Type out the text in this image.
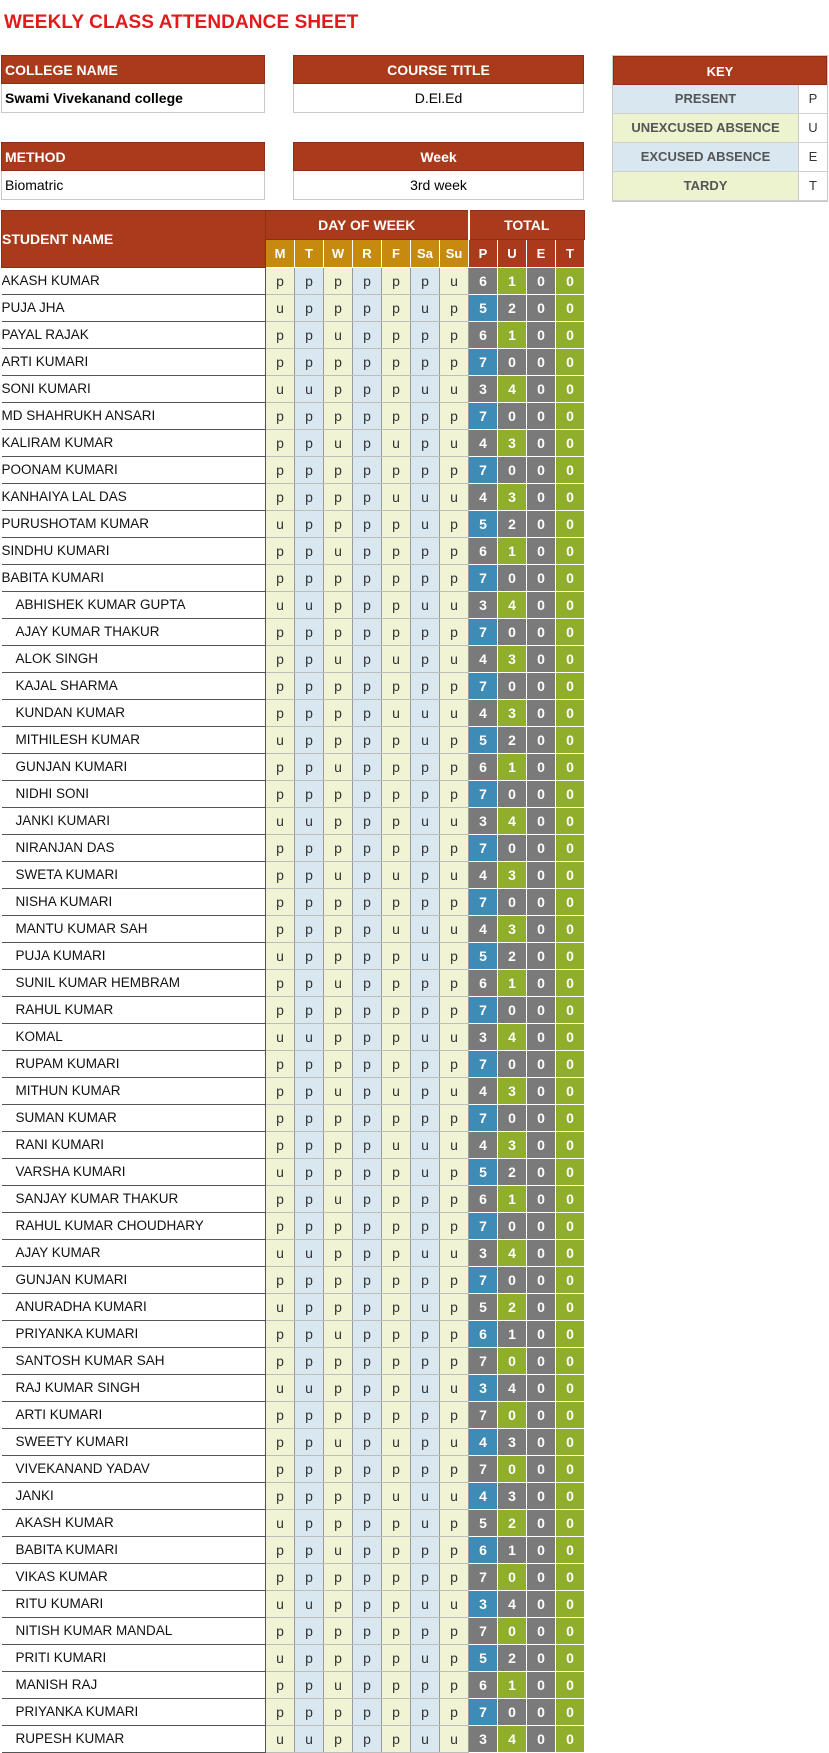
WEEKLY CLASS ATTENDANCE SHEET
COLLEGE NAME
Swami Vivekanand college
COURSE TITLE
D.El.Ed
METHOD
Biomatric
Week
3rd week
KEY
PRESENT	P
UNEXCUSED ABSENCE	U
EXCUSED ABSENCE	E
TARDY	T
STUDENT NAME	DAY OF WEEK							TOTAL			
	M	T	W	R	F	Sa	Su	P	U	E	T
AKASH KUMAR	p	p	p	p	p	p	u	6	1	0	0
PUJA JHA	u	p	p	p	p	u	p	5	2	0	0
PAYAL RAJAK	p	p	u	p	p	p	p	6	1	0	0
ARTI KUMARI	p	p	p	p	p	p	p	7	0	0	0
SONI KUMARI	u	u	p	p	p	u	u	3	4	0	0
MD SHAHRUKH ANSARI	p	p	p	p	p	p	p	7	0	0	0
KALIRAM KUMAR	p	p	u	p	u	p	u	4	3	0	0
POONAM KUMARI	p	p	p	p	p	p	p	7	0	0	0
KANHAIYA LAL DAS	p	p	p	p	u	u	u	4	3	0	0
PURUSHOTAM KUMAR	u	p	p	p	p	u	p	5	2	0	0
SINDHU KUMARI	p	p	u	p	p	p	p	6	1	0	0
BABITA KUMARI	p	p	p	p	p	p	p	7	0	0	0
ABHISHEK KUMAR GUPTA	u	u	p	p	p	u	u	3	4	0	0
AJAY KUMAR THAKUR	p	p	p	p	p	p	p	7	0	0	0
ALOK SINGH	p	p	u	p	u	p	u	4	3	0	0
KAJAL SHARMA	p	p	p	p	p	p	p	7	0	0	0
KUNDAN KUMAR	p	p	p	p	u	u	u	4	3	0	0
MITHILESH KUMAR	u	p	p	p	p	u	p	5	2	0	0
GUNJAN KUMARI	p	p	u	p	p	p	p	6	1	0	0
NIDHI SONI	p	p	p	p	p	p	p	7	0	0	0
JANKI KUMARI	u	u	p	p	p	u	u	3	4	0	0
NIRANJAN DAS	p	p	p	p	p	p	p	7	0	0	0
SWETA KUMARI	p	p	u	p	u	p	u	4	3	0	0
NISHA KUMARI	p	p	p	p	p	p	p	7	0	0	0
MANTU KUMAR SAH	p	p	p	p	u	u	u	4	3	0	0
PUJA KUMARI	u	p	p	p	p	u	p	5	2	0	0
SUNIL KUMAR HEMBRAM	p	p	u	p	p	p	p	6	1	0	0
RAHUL KUMAR	p	p	p	p	p	p	p	7	0	0	0
KOMAL	u	u	p	p	p	u	u	3	4	0	0
RUPAM KUMARI	p	p	p	p	p	p	p	7	0	0	0
MITHUN KUMAR	p	p	u	p	u	p	u	4	3	0	0
SUMAN KUMAR	p	p	p	p	p	p	p	7	0	0	0
RANI KUMARI	p	p	p	p	u	u	u	4	3	0	0
VARSHA KUMARI	u	p	p	p	p	u	p	5	2	0	0
SANJAY KUMAR THAKUR	p	p	u	p	p	p	p	6	1	0	0
RAHUL KUMAR CHOUDHARY	p	p	p	p	p	p	p	7	0	0	0
AJAY KUMAR	u	u	p	p	p	u	u	3	4	0	0
GUNJAN KUMARI	p	p	p	p	p	p	p	7	0	0	0
ANURADHA KUMARI	u	p	p	p	p	u	p	5	2	0	0
PRIYANKA KUMARI	p	p	u	p	p	p	p	6	1	0	0
SANTOSH KUMAR SAH	p	p	p	p	p	p	p	7	0	0	0
RAJ KUMAR SINGH	u	u	p	p	p	u	u	3	4	0	0
ARTI KUMARI	p	p	p	p	p	p	p	7	0	0	0
SWEETY KUMARI	p	p	u	p	u	p	u	4	3	0	0
VIVEKANAND YADAV	p	p	p	p	p	p	p	7	0	0	0
JANKI	p	p	p	p	u	u	u	4	3	0	0
AKASH KUMAR	u	p	p	p	p	u	p	5	2	0	0
BABITA KUMARI	p	p	u	p	p	p	p	6	1	0	0
VIKAS KUMAR	p	p	p	p	p	p	p	7	0	0	0
RITU KUMARI	u	u	p	p	p	u	u	3	4	0	0
NITISH KUMAR MANDAL	p	p	p	p	p	p	p	7	0	0	0
PRITI KUMARI	u	p	p	p	p	u	p	5	2	0	0
MANISH RAJ	p	p	u	p	p	p	p	6	1	0	0
PRIYANKA KUMARI	p	p	p	p	p	p	p	7	0	0	0
RUPESH KUMAR	u	u	p	p	p	u	u	3	4	0	0
